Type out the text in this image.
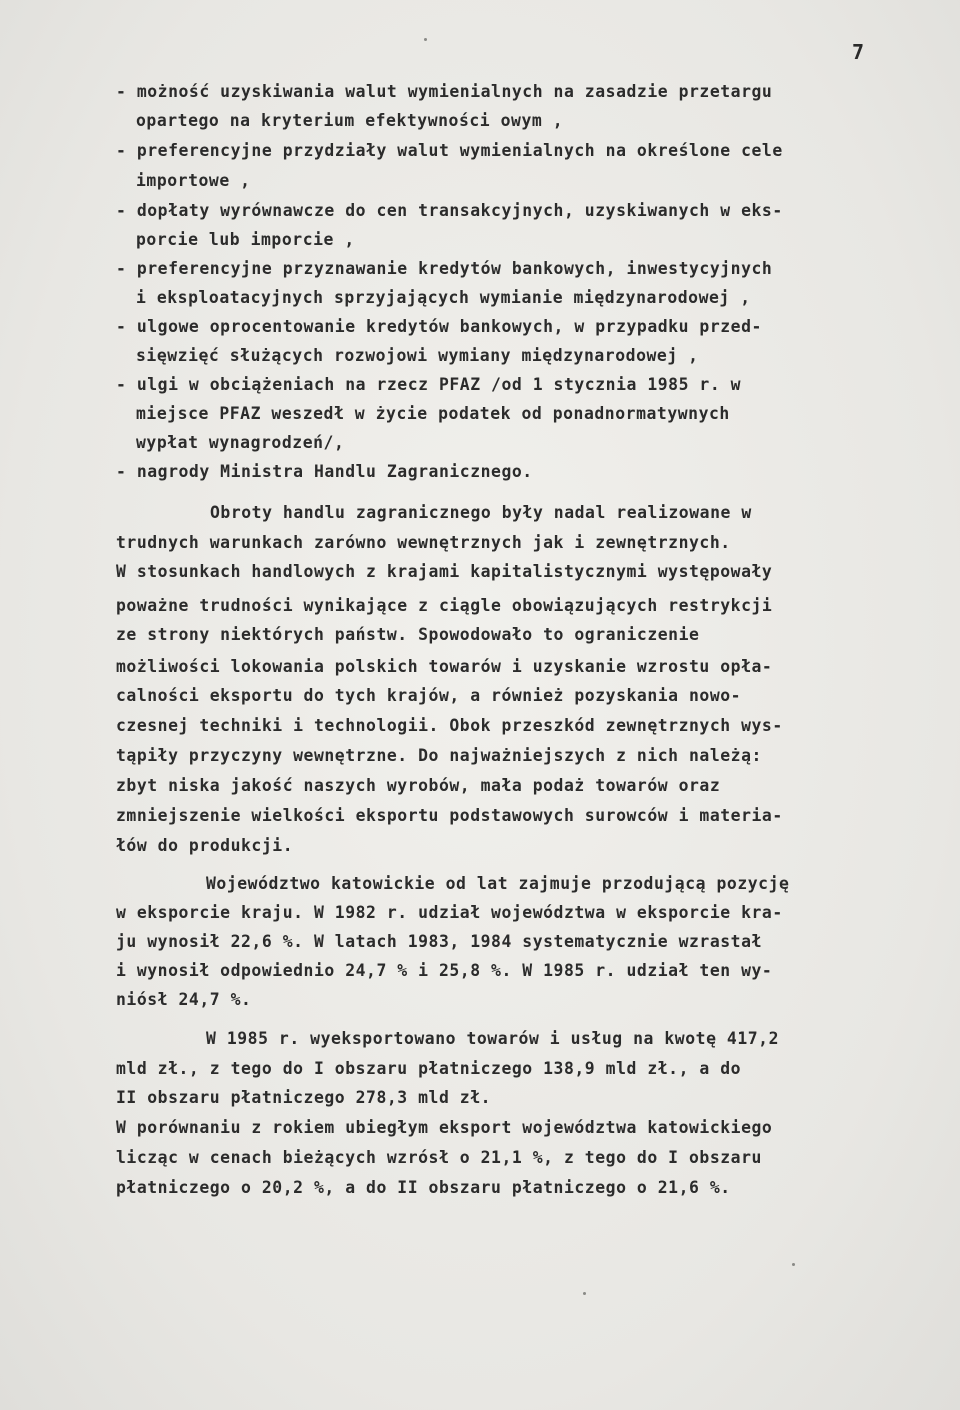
7
- możność uzyskiwania walut wymienialnych na zasadzie przetargu
opartego na kryterium efektywności owym ,
- preferencyjne przydziały walut wymienialnych na określone cele
importowe ,
- dopłaty wyrównawcze do cen transakcyjnych, uzyskiwanych w eks-
porcie lub imporcie ,
- preferencyjne przyznawanie kredytów bankowych, inwestycyjnych
i eksploatacyjnych sprzyjających wymianie międzynarodowej ,
- ulgowe oprocentowanie kredytów bankowych, w przypadku przed-
sięwzięć służących rozwojowi wymiany międzynarodowej ,
- ulgi w obciążeniach na rzecz PFAZ /od 1 stycznia 1985 r. w
miejsce PFAZ weszedł w życie podatek od ponadnormatywnych
wypłat wynagrodzeń/,
- nagrody Ministra Handlu Zagranicznego.
Obroty handlu zagranicznego były nadal realizowane w
trudnych warunkach zarówno wewnętrznych jak i zewnętrznych.
W stosunkach handlowych z krajami kapitalistycznymi występowały
poważne trudności wynikające z ciągle obowiązujących restrykcji
ze strony niektórych państw. Spowodowało to ograniczenie
możliwości lokowania polskich towarów i uzyskanie wzrostu opła-
calności eksportu do tych krajów, a również pozyskania nowo-
czesnej techniki i technologii. Obok przeszkód zewnętrznych wys-
tąpiły przyczyny wewnętrzne. Do najważniejszych z nich należą:
zbyt niska jakość naszych wyrobów, mała podaż towarów oraz
zmniejszenie wielkości eksportu podstawowych surowców i materia-
łów do produkcji.
Województwo katowickie od lat zajmuje przodującą pozycję
w eksporcie kraju. W 1982 r. udział województwa w eksporcie kra-
ju wynosił 22,6 %. W latach 1983, 1984 systematycznie wzrastał
i wynosił odpowiednio 24,7 % i 25,8 %. W 1985 r. udział ten wy-
niósł 24,7 %.
W 1985 r. wyeksportowano towarów i usług na kwotę 417,2
mld zł., z tego do I obszaru płatniczego 138,9 mld zł., a do
II obszaru płatniczego 278,3 mld zł.
W porównaniu z rokiem ubiegłym eksport województwa katowickiego
licząc w cenach bieżących wzrósł o 21,1 %, z tego do I obszaru
płatniczego o 20,2 %, a do II obszaru płatniczego o 21,6 %.
